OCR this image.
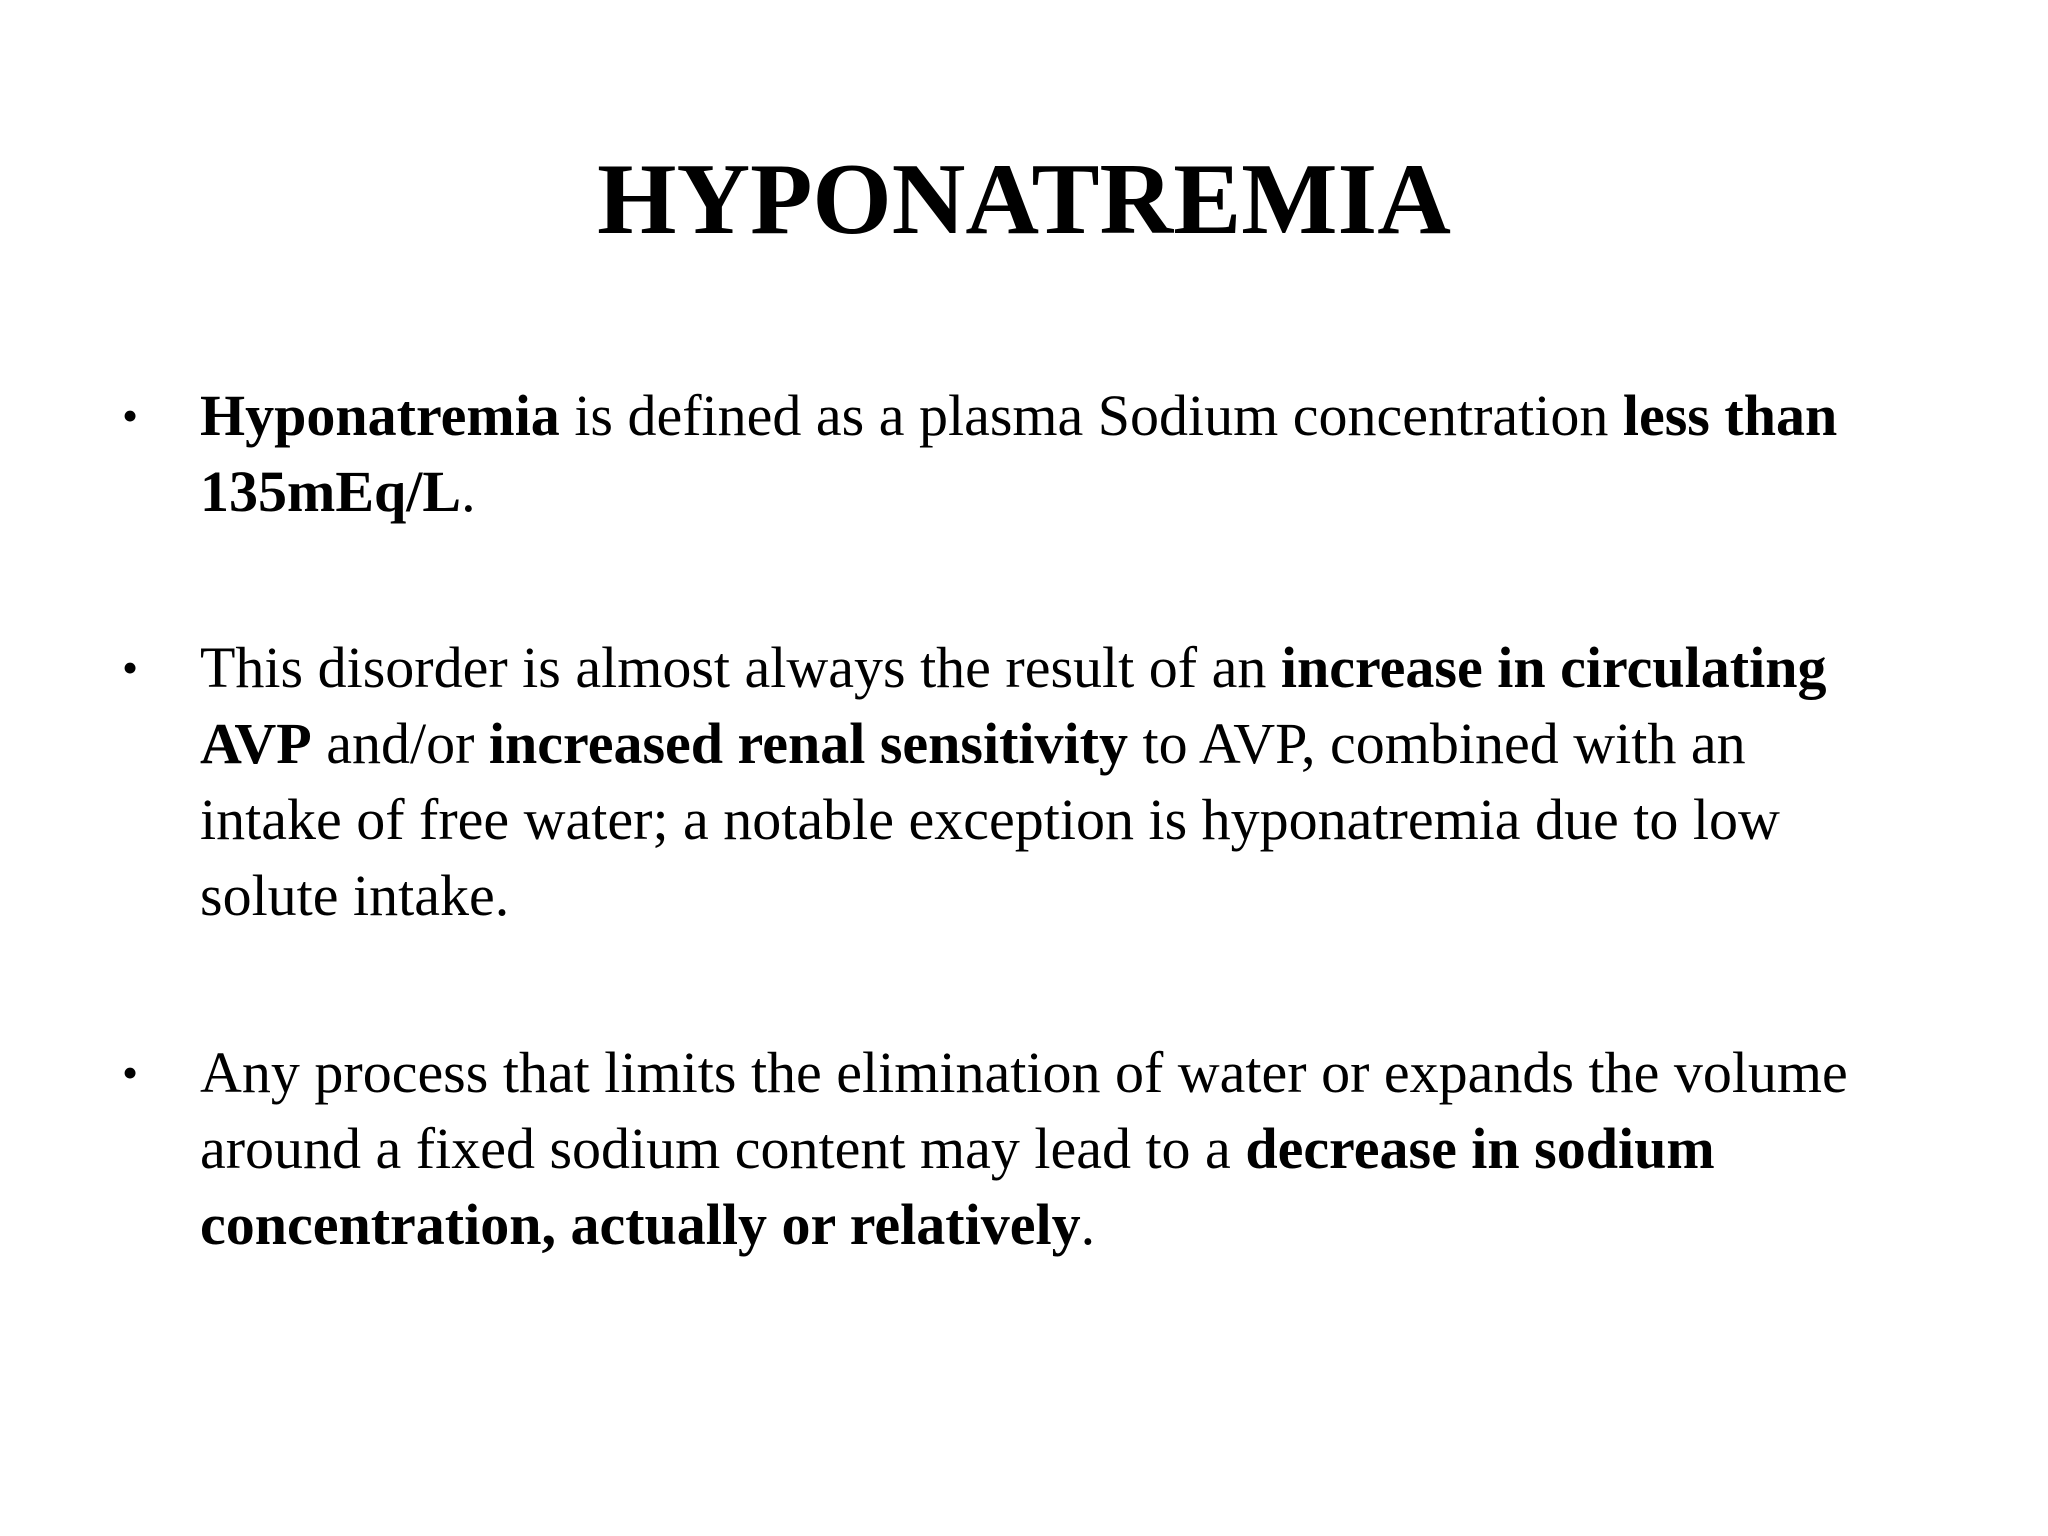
HYPONATREMIA
• Hyponatremia is defined as a plasma Sodium concentration less than 135mEq/L.
• This disorder is almost always the result of an increase in circulating AVP and/or increased renal sensitivity to AVP, combined with an intake of free water; a notable exception is hyponatremia due to low solute intake.
• Any process that limits the elimination of water or expands the volume around a fixed sodium content may lead to a decrease in sodium concentration, actually or relatively.
